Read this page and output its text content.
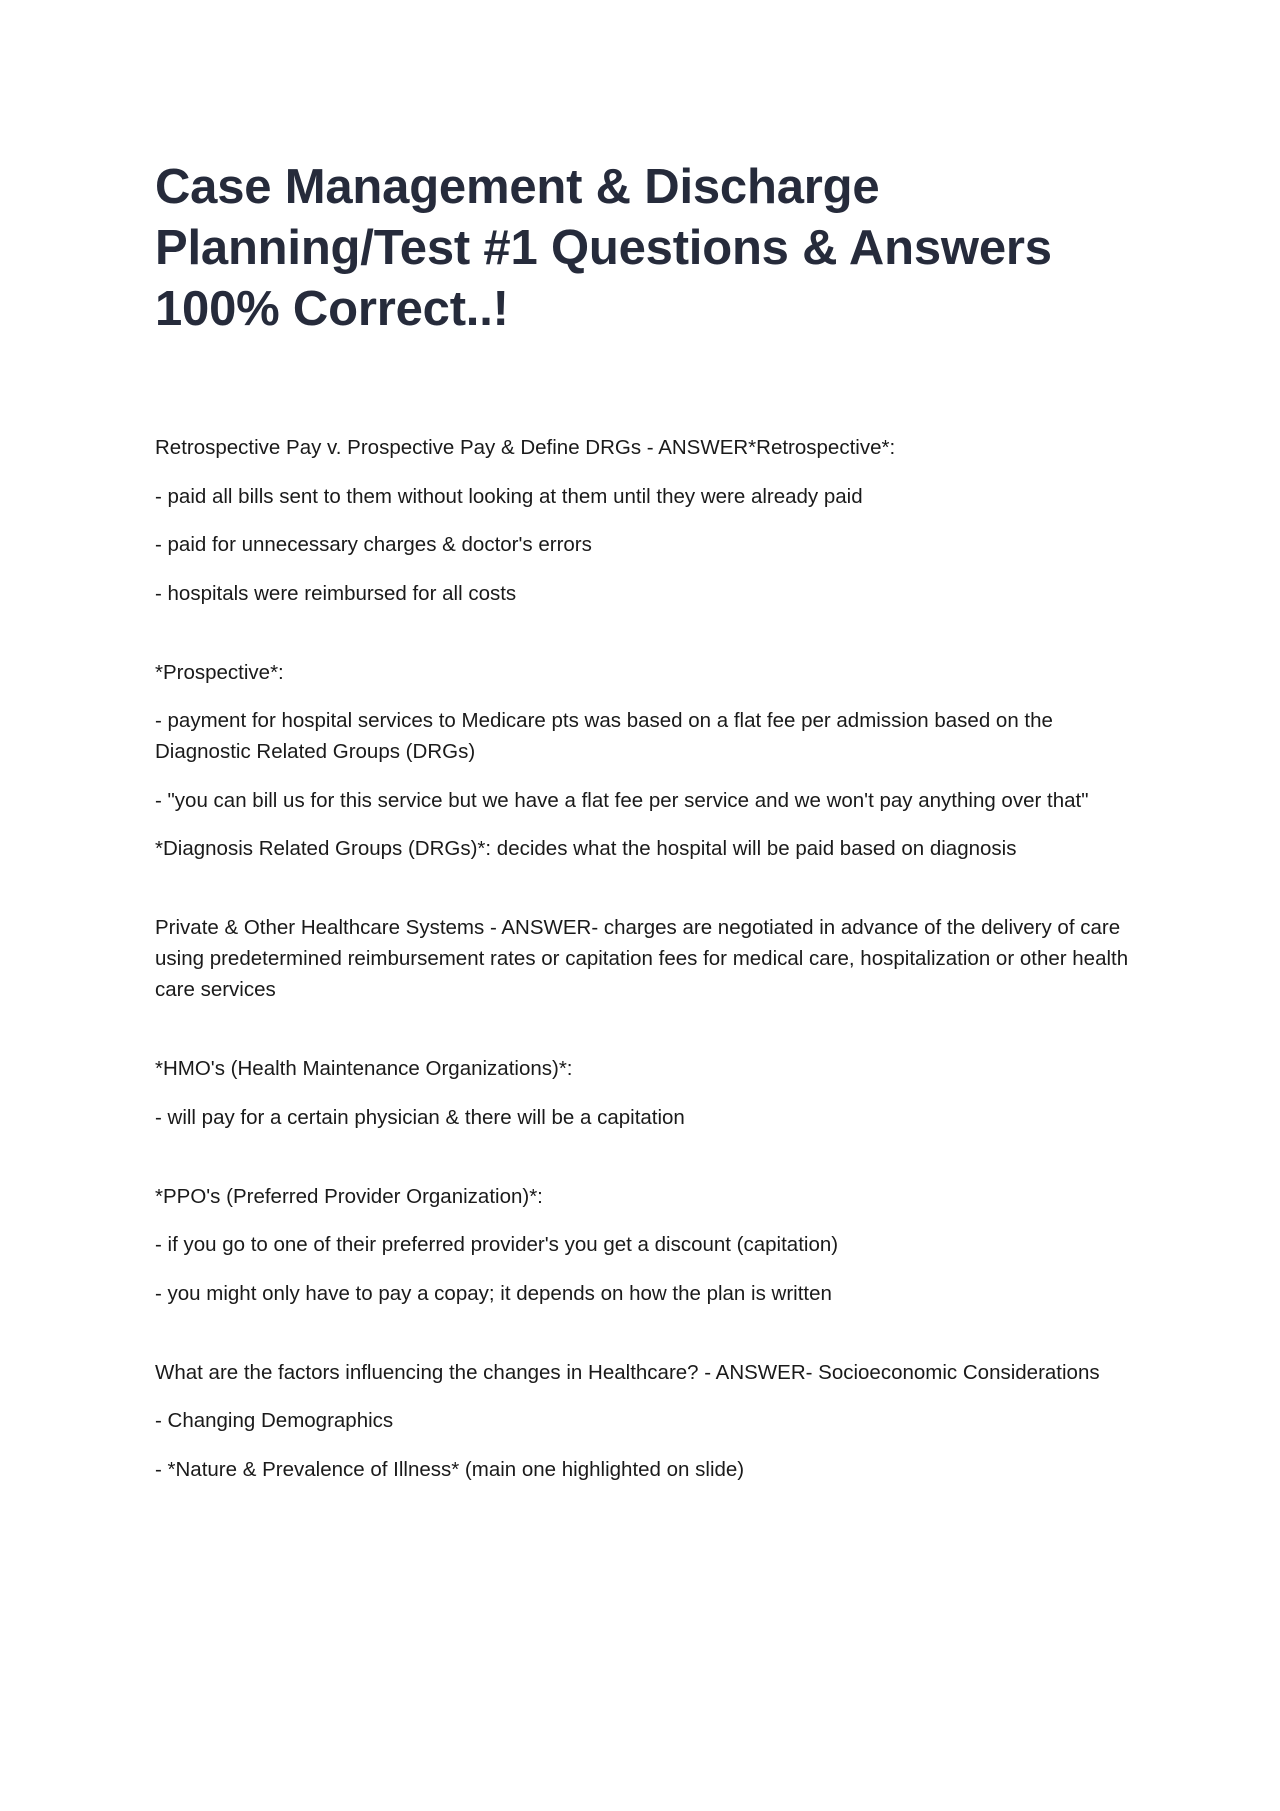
Case Management & Discharge Planning/Test #1 Questions & Answers 100% Correct..!

Retrospective Pay v. Prospective Pay & Define DRGs - ANSWER*Retrospective*:

- paid all bills sent to them without looking at them until they were already paid

- paid for unnecessary charges & doctor's errors

- hospitals were reimbursed for all costs

*Prospective*:

- payment for hospital services to Medicare pts was based on a flat fee per admission based on the Diagnostic Related Groups (DRGs)

- "you can bill us for this service but we have a flat fee per service and we won't pay anything over that"

*Diagnosis Related Groups (DRGs)*: decides what the hospital will be paid based on diagnosis

Private & Other Healthcare Systems - ANSWER- charges are negotiated in advance of the delivery of care using predetermined reimbursement rates or capitation fees for medical care, hospitalization or other health care services

*HMO's (Health Maintenance Organizations)*:

- will pay for a certain physician & there will be a capitation

*PPO's (Preferred Provider Organization)*:

- if you go to one of their preferred provider's you get a discount (capitation)

- you might only have to pay a copay; it depends on how the plan is written

What are the factors influencing the changes in Healthcare? - ANSWER- Socioeconomic Considerations

- Changing Demographics

- *Nature & Prevalence of Illness* (main one highlighted on slide)
